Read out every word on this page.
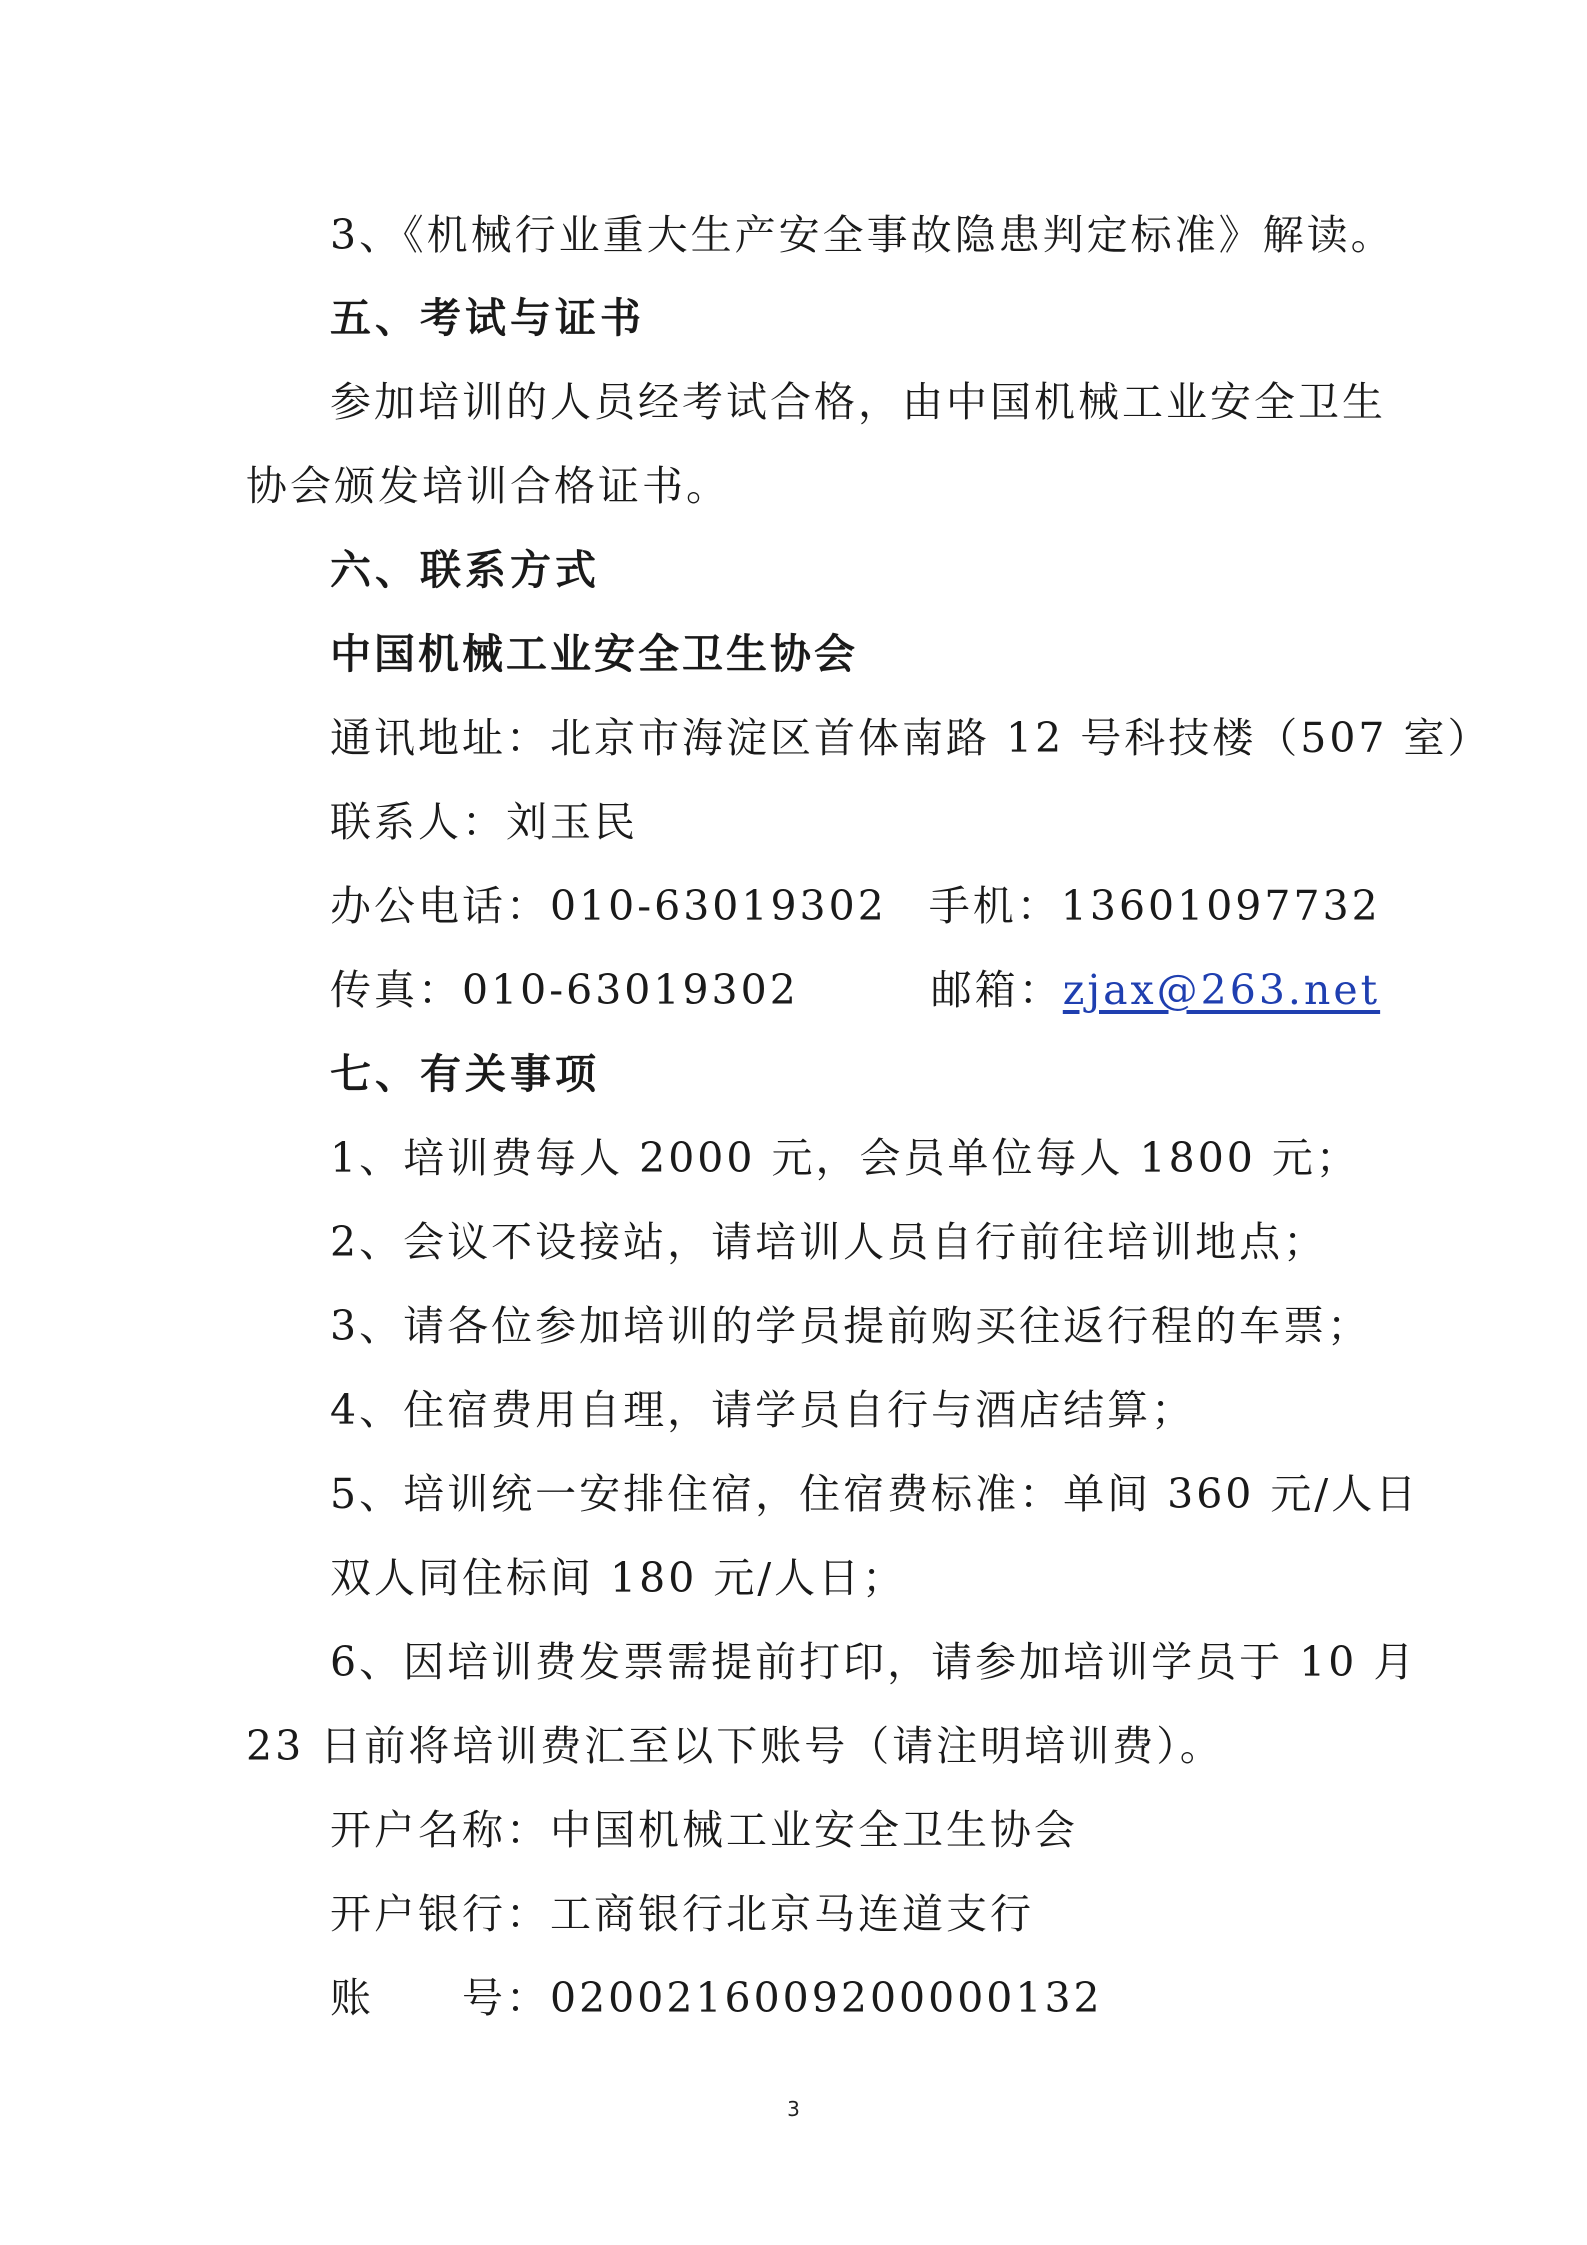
3、《机械行业重大生产安全事故隐患判定标准》解读。
五、考试与证书
参加培训的人员经考试合格，由中国机械工业安全卫生
协会颁发培训合格证书。
六、联系方式
中国机械工业安全卫生协会
通讯地址：北京市海淀区首体南路 12 号科技楼（507 室）
联系人：刘玉民
办公电话：010-63019302 手机：13601097732
传真：010-63019302	邮箱：zjax@263.net
七、有关事项
1、培训费每人 2000 元，会员单位每人 1800 元；
2、会议不设接站，请培训人员自行前往培训地点；
3、请各位参加培训的学员提前购买往返行程的车票；
4、住宿费用自理，请学员自行与酒店结算；
5、培训统一安排住宿，住宿费标准：单间 360 元/人日
双人同住标间 180 元/人日；
6、因培训费发票需提前打印，请参加培训学员于 10 月
23 日前将培训费汇至以下账号（请注明培训费）。
开户名称：中国机械工业安全卫生协会
开户银行：工商银行北京马连道支行
账　　号：0200216009200000132
3
